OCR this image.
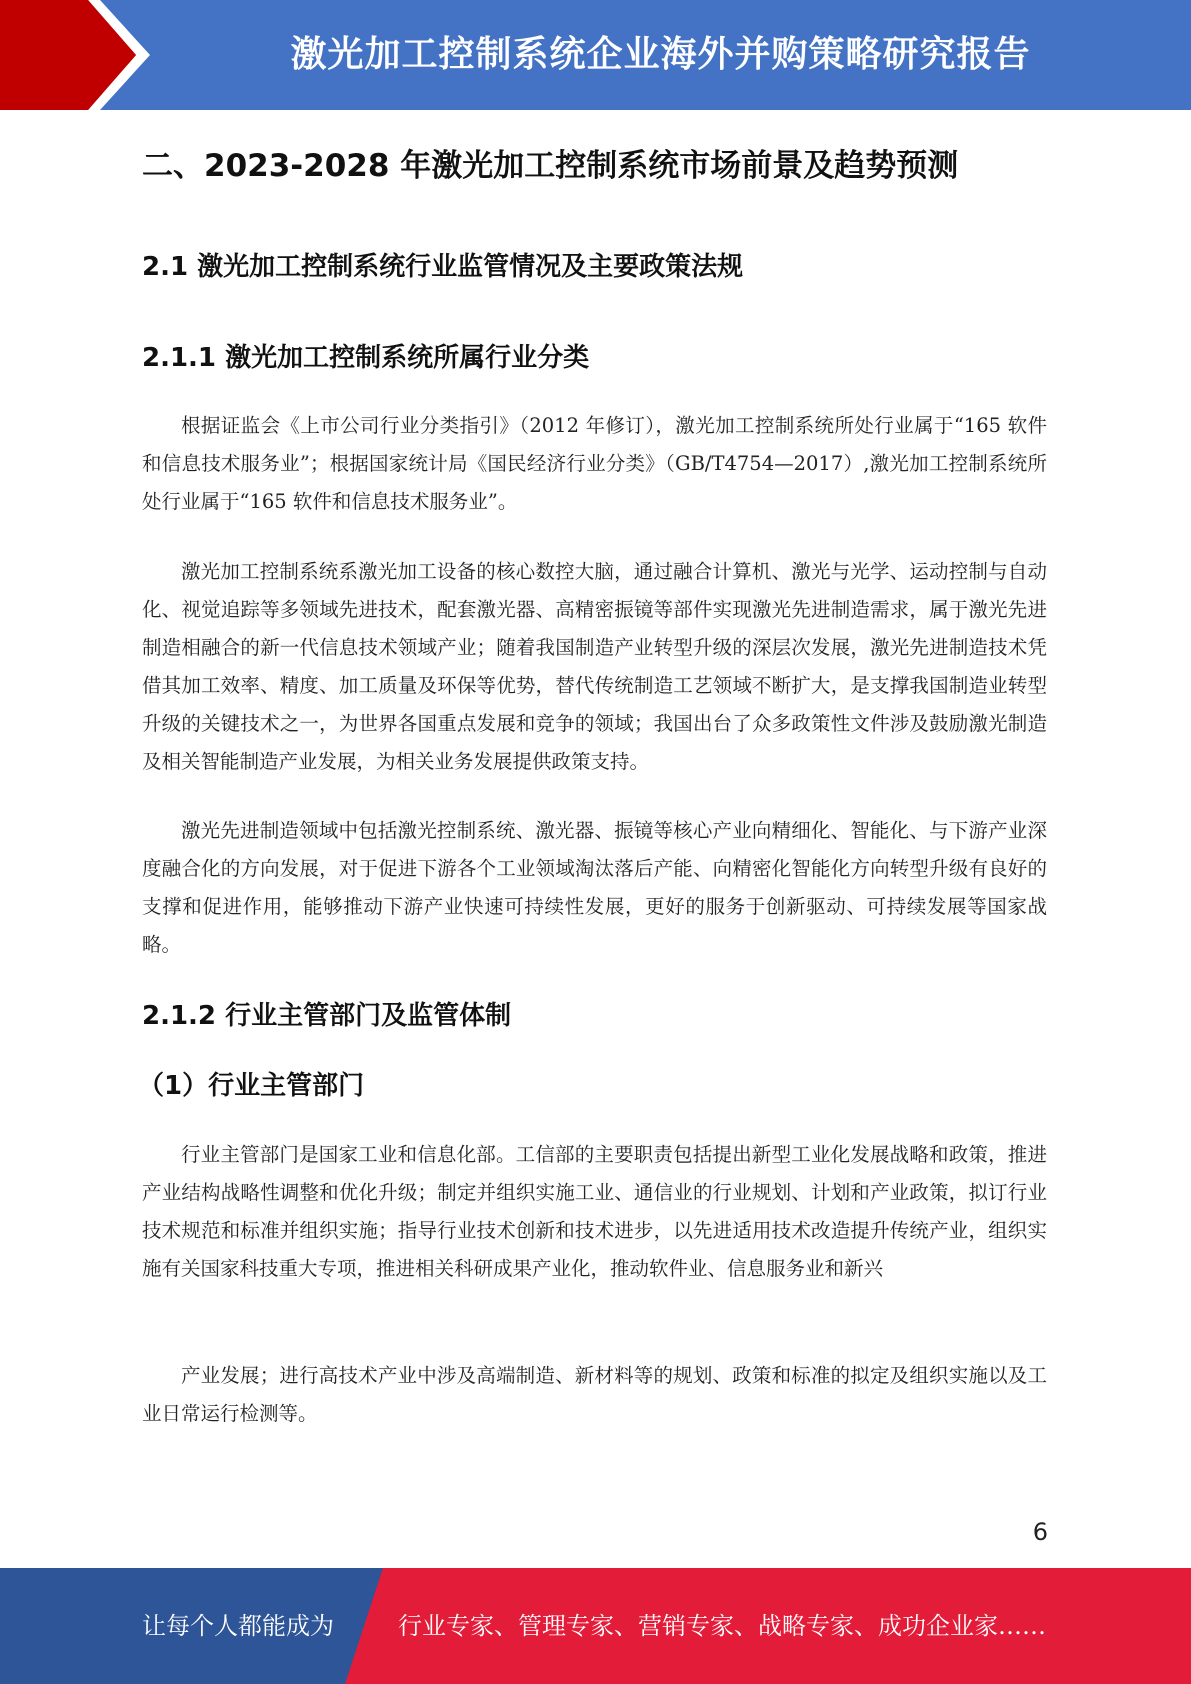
激光加工控制系统企业海外并购策略研究报告
二、2023-2028 年激光加工控制系统市场前景及趋势预测
2.1 激光加工控制系统行业监管情况及主要政策法规
2.1.1 激光加工控制系统所属行业分类

根据证监会《上市公司行业分类指引》（2012 年修订），激光加工控制系统所处行业属于“165 软件和信息技术服务业”；根据国家统计局《国民经济行业分类》（GB/T4754—2017）,激光加工控制系统所处行业属于“165 软件和信息技术服务业”。

激光加工控制系统系激光加工设备的核心数控大脑，通过融合计算机、激光与光学、运动控制与自动化、视觉追踪等多领域先进技术，配套激光器、高精密振镜等部件实现激光先进制造需求，属于激光先进制造相融合的新一代信息技术领域产业；随着我国制造产业转型升级的深层次发展，激光先进制造技术凭借其加工效率、精度、加工质量及环保等优势，替代传统制造工艺领域不断扩大，是支撑我国制造业转型升级的关键技术之一，为世界各国重点发展和竞争的领域；我国出台了众多政策性文件涉及鼓励激光制造及相关智能制造产业发展，为相关业务发展提供政策支持。

激光先进制造领域中包括激光控制系统、激光器、振镜等核心产业向精细化、智能化、与下游产业深度融合化的方向发展，对于促进下游各个工业领域淘汰落后产能、向精密化智能化方向转型升级有良好的支撑和促进作用，能够推动下游产业快速可持续性发展，更好的服务于创新驱动、可持续发展等国家战略。

2.1.2 行业主管部门及监管体制
（1）行业主管部门

行业主管部门是国家工业和信息化部。工信部的主要职责包括提出新型工业化发展战略和政策，推进产业结构战略性调整和优化升级；制定并组织实施工业、通信业的行业规划、计划和产业政策，拟订行业技术规范和标准并组织实施；指导行业技术创新和技术进步，以先进适用技术改造提升传统产业，组织实施有关国家科技重大专项，推进相关科研成果产业化，推动软件业、信息服务业和新兴

产业发展；进行高技术产业中涉及高端制造、新材料等的规划、政策和标准的拟定及组织实施以及工业日常运行检测等。

6
让每个人都能成为	行业专家、管理专家、营销专家、战略专家、成功企业家……
